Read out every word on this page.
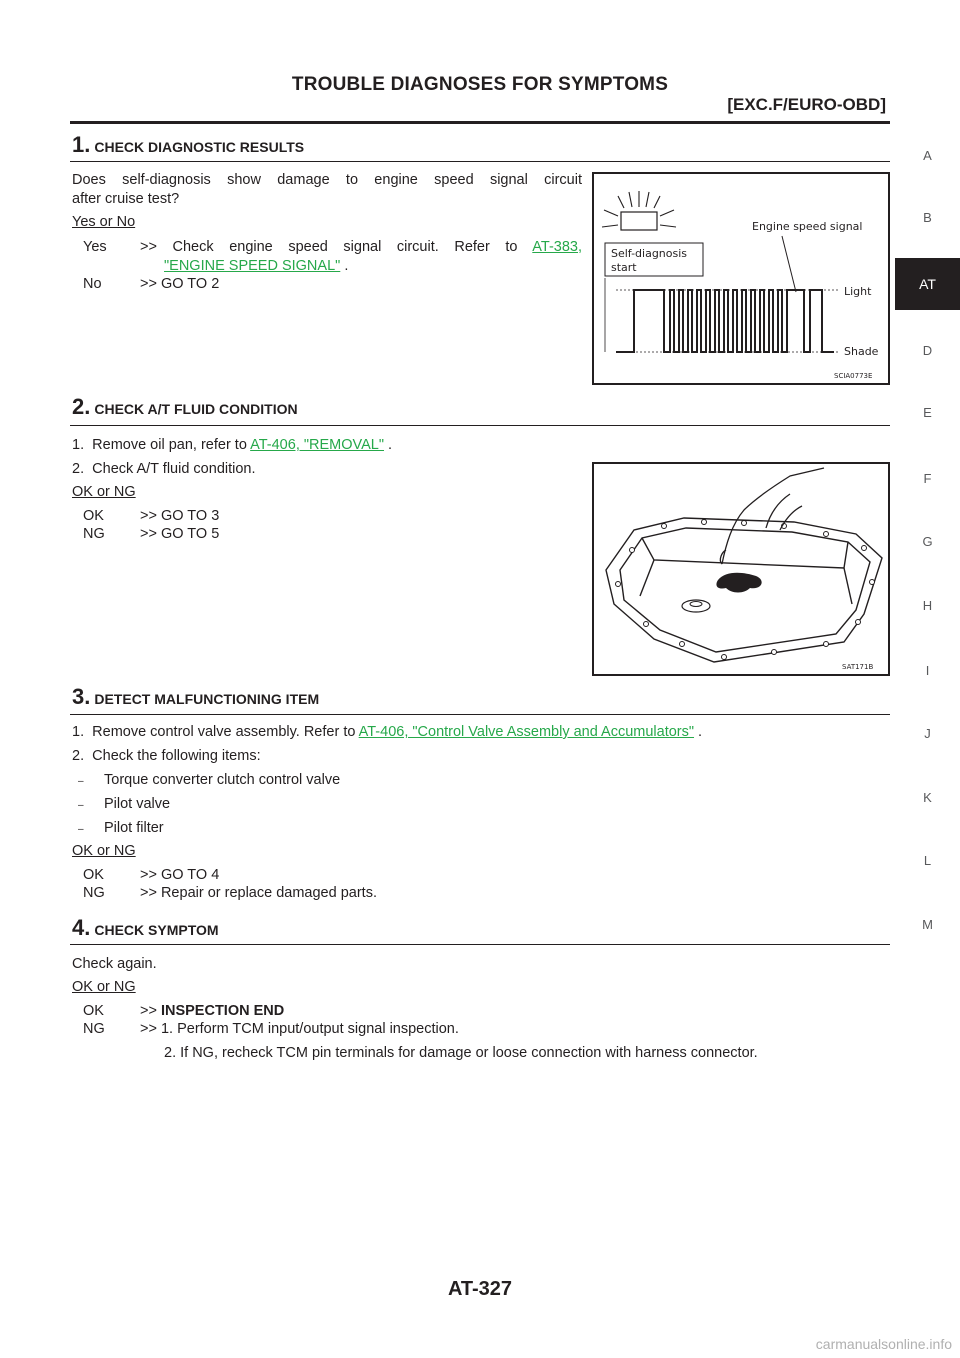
TROUBLE DIAGNOSES FOR SYMPTOMS
[EXC.F/EURO-OBD]
A
B
AT
D
E
F
G
H
I
J
K
L
M
1. CHECK DIAGNOSTIC RESULTS
Does self-diagnosis show damage to engine speed signal circuit
after cruise test?
Yes or No
Yes >> Check engine speed signal circuit. Refer to AT-383,
"ENGINE SPEED SIGNAL" .
No	>> GO TO 2
Self-diagnosis
start
Engine speed signal
Light
Shade
SCIA0773E
2. CHECK A/T FLUID CONDITION
1. Remove oil pan, refer to AT-406, "REMOVAL" .
2. Check A/T fluid condition.
OK or NG
OK >> GO TO 3
NG >> GO TO 5
SAT171B
3. DETECT MALFUNCTIONING ITEM
1. Remove control valve assembly. Refer to AT-406, "Control Valve Assembly and Accumulators" .
2. Check the following items:
– Torque converter clutch control valve
– Pilot valve
– Pilot filter
OK or NG
OK >> GO TO 4
NG >> Repair or replace damaged parts.
4. CHECK SYMPTOM
Check again.
OK or NG
OK >> INSPECTION END
NG >> 1. Perform TCM input/output signal inspection.
2. If NG, recheck TCM pin terminals for damage or loose connection with harness connector.
AT-327
carmanualsonline.info
